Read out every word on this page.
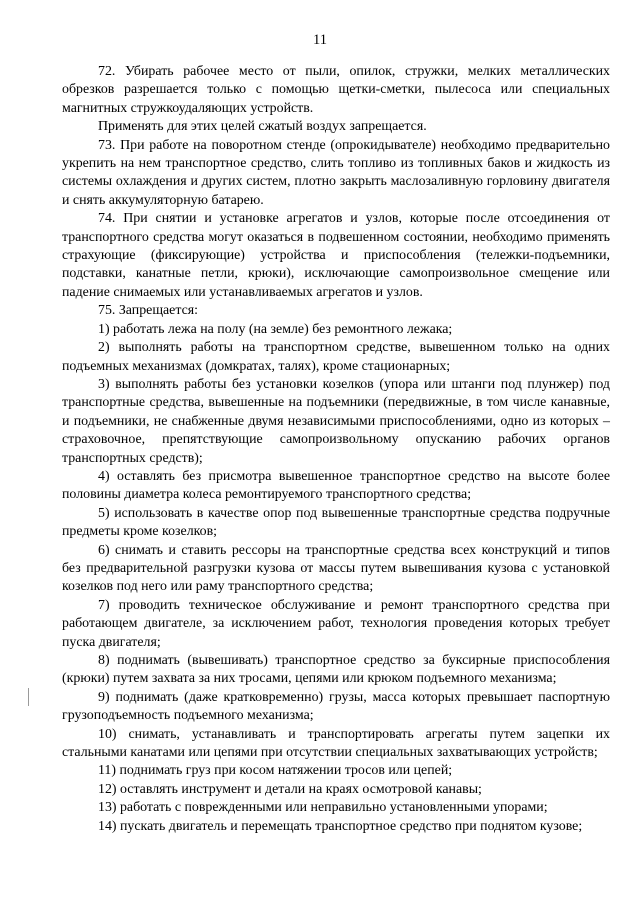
11

72. Убирать рабочее место от пыли, опилок, стружки, мелких металлических обрезков разрешается только с помощью щетки-сметки, пылесоса или специальных магнитных стружкоудаляющих устройств.

Применять для этих целей сжатый воздух запрещается.

73. При работе на поворотном стенде (опрокидывателе) необходимо предварительно укрепить на нем транспортное средство, слить топливо из топливных баков и жидкость из системы охлаждения и других систем, плотно закрыть маслозаливную горловину двигателя и снять аккумуляторную батарею.

74. При снятии и установке агрегатов и узлов, которые после отсоединения от транспортного средства могут оказаться в подвешенном состоянии, необходимо применять страхующие (фиксирующие) устройства и приспособления (тележки-подъемники, подставки, канатные петли, крюки), исключающие самопроизвольное смещение или падение снимаемых или устанавливаемых агрегатов и узлов.

75. Запрещается:

1) работать лежа на полу (на земле) без ремонтного лежака;

2) выполнять работы на транспортном средстве, вывешенном только на одних подъемных механизмах (домкратах, талях), кроме стационарных;

3) выполнять работы без установки козелков (упора или штанги под плунжер) под транспортные средства, вывешенные на подъемники (передвижные, в том числе канавные, и подъемники, не снабженные двумя независимыми приспособлениями, одно из которых – страховочное, препятствующие самопроизвольному опусканию рабочих органов транспортных средств);

4) оставлять без присмотра вывешенное транспортное средство на высоте более половины диаметра колеса ремонтируемого транспортного средства;

5) использовать в качестве опор под вывешенные транспортные средства подручные предметы кроме козелков;

6) снимать и ставить рессоры на транспортные средства всех конструкций и типов без предварительной разгрузки кузова от массы путем вывешивания кузова с установкой козелков под него или раму транспортного средства;

7) проводить техническое обслуживание и ремонт транспортного средства при работающем двигателе, за исключением работ, технология проведения которых требует пуска двигателя;

8) поднимать (вывешивать) транспортное средство за буксирные приспособления (крюки) путем захвата за них тросами, цепями или крюком подъемного механизма;

9) поднимать (даже кратковременно) грузы, масса которых превышает паспортную грузоподъемность подъемного механизма;

10) снимать, устанавливать и транспортировать агрегаты путем зацепки их стальными канатами или цепями при отсутствии специальных захватывающих устройств;

11) поднимать груз при косом натяжении тросов или цепей;

12) оставлять инструмент и детали на краях осмотровой канавы;

13) работать с поврежденными или неправильно установленными упорами;

14) пускать двигатель и перемещать транспортное средство при поднятом кузове;
